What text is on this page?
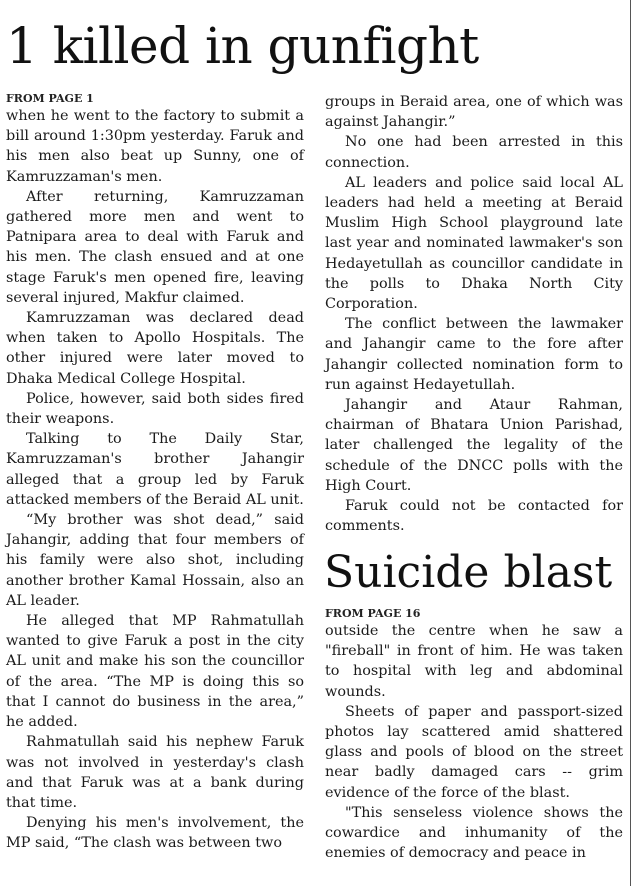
1 killed in gunfight
FROM PAGE 1

when he went to the factory to submit a bill around 1:30pm yesterday. Faruk and his men also beat up Sunny, one of Kamruzzaman's men.

After returning, Kamruzzaman gathered more men and went to Patnipara area to deal with Faruk and his men. The clash ensued and at one stage Faruk's men opened fire, leaving several injured, Makfur claimed.

Kamruzzaman was declared dead when taken to Apollo Hospitals. The other injured were later moved to Dhaka Medical College Hospital.

Police, however, said both sides fired their weapons.

Talking to The Daily Star, Kamruzzaman's brother Jahangir alleged that a group led by Faruk attacked members of the Beraid AL unit.

“My brother was shot dead,” said Jahangir, adding that four members of his family were also shot, including another brother Kamal Hossain, also an AL leader.

He alleged that MP Rahmatullah wanted to give Faruk a post in the city AL unit and make his son the councillor of the area. “The MP is doing this so that I cannot do business in the area,” he added.

Rahmatullah said his nephew Faruk was not involved in yesterday's clash and that Faruk was at a bank during that time.

Denying his men's involvement, the MP said, “The clash was between two

groups in Beraid area, one of which was against Jahangir.”

No one had been arrested in this connection.

AL leaders and police said local AL leaders had held a meeting at Beraid Muslim High School playground late last year and nominated lawmaker's son Hedayetullah as councillor candidate in the polls to Dhaka North City Corporation.

The conflict between the lawmaker and Jahangir came to the fore after Jahangir collected nomination form to run against Hedayetullah.

Jahangir and Ataur Rahman, chairman of Bhatara Union Parishad, later challenged the legality of the schedule of the DNCC polls with the High Court.

Faruk could not be contacted for comments.

Suicide blast
FROM PAGE 16

outside the centre when he saw a "fireball" in front of him. He was taken to hospital with leg and abdominal wounds.

Sheets of paper and passport-sized photos lay scattered amid shattered glass and pools of blood on the street near badly damaged cars -- grim evidence of the force of the blast.

"This senseless violence shows the cowardice and inhumanity of the enemies of democracy and peace in
